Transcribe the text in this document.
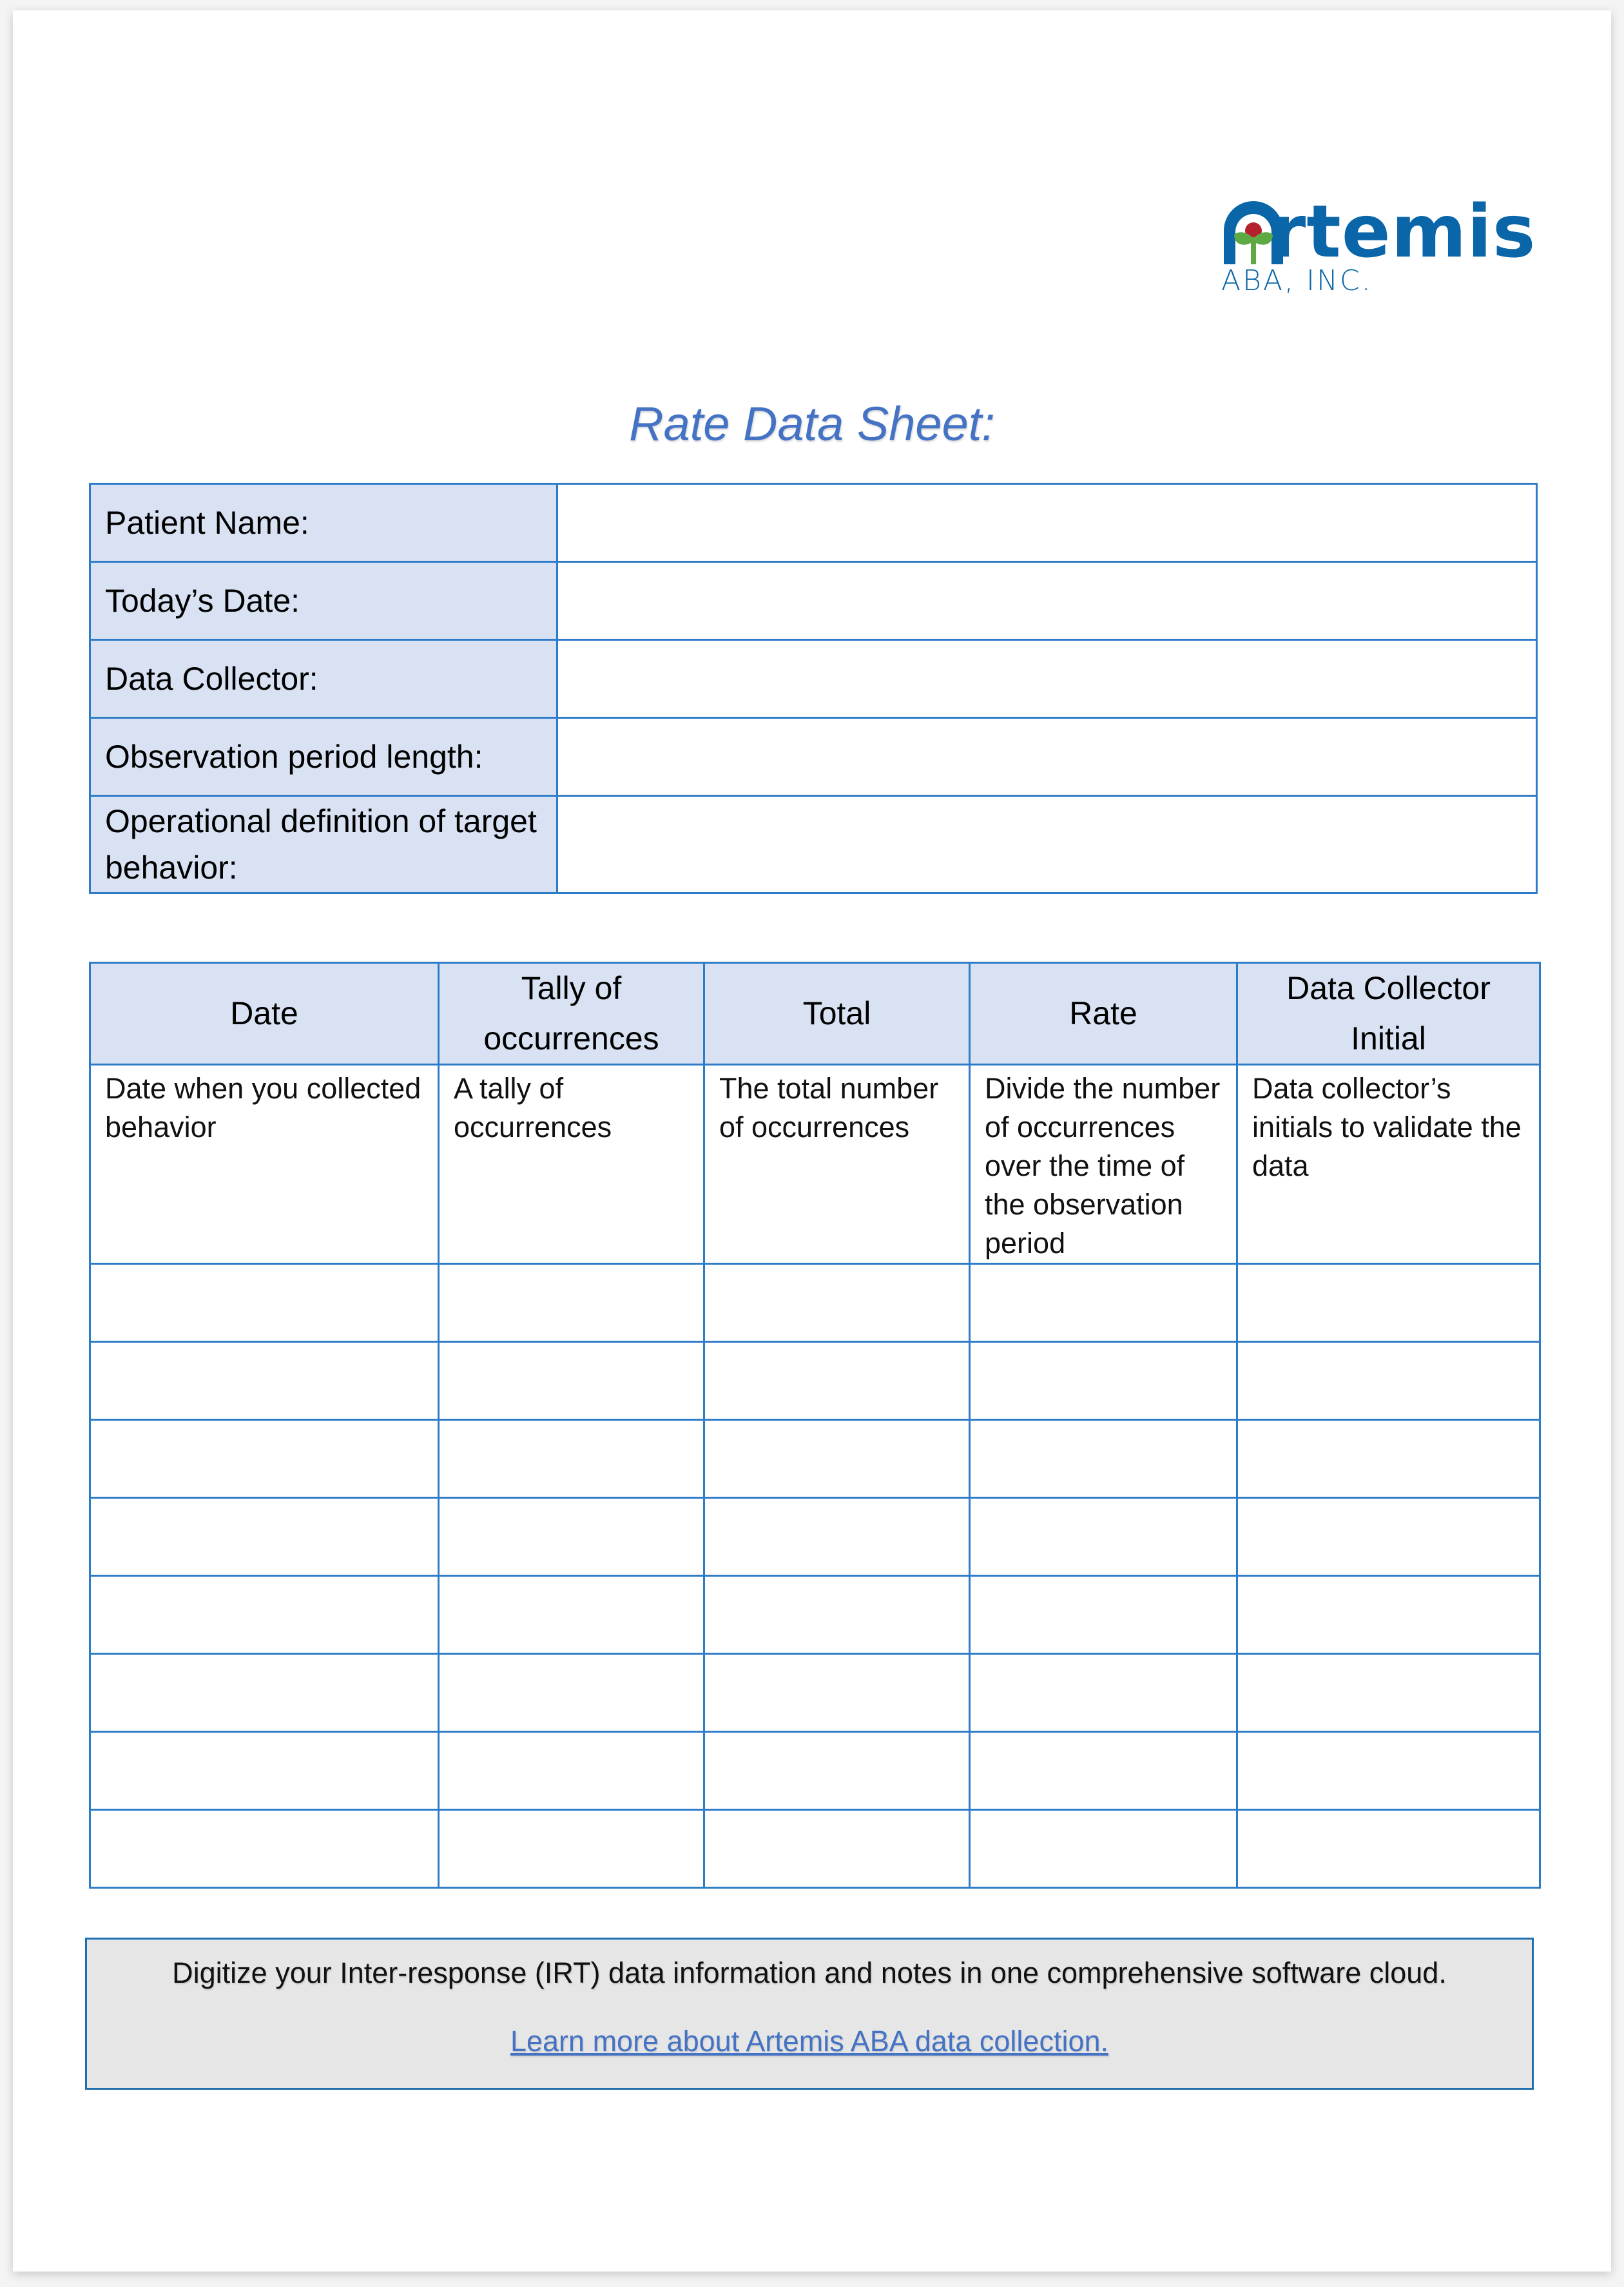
rtemis
ABA, INC.
Rate Data Sheet:
Patient Name:	
Today’s Date:	
Data Collector:	
Observation period length:	
Operational definition of target behavior:	
Date	Tally of occurrences	Total	Rate	Data Collector Initial
Date when you collected behavior	A tally of occurrences	The total number of occurrences	Divide the number of occurrences over the time of the observation period	Data collector’s initials to validate the data

Digitize your Inter-response (IRT) data information and notes in one comprehensive software cloud.
Learn more about Artemis ABA data collection.
